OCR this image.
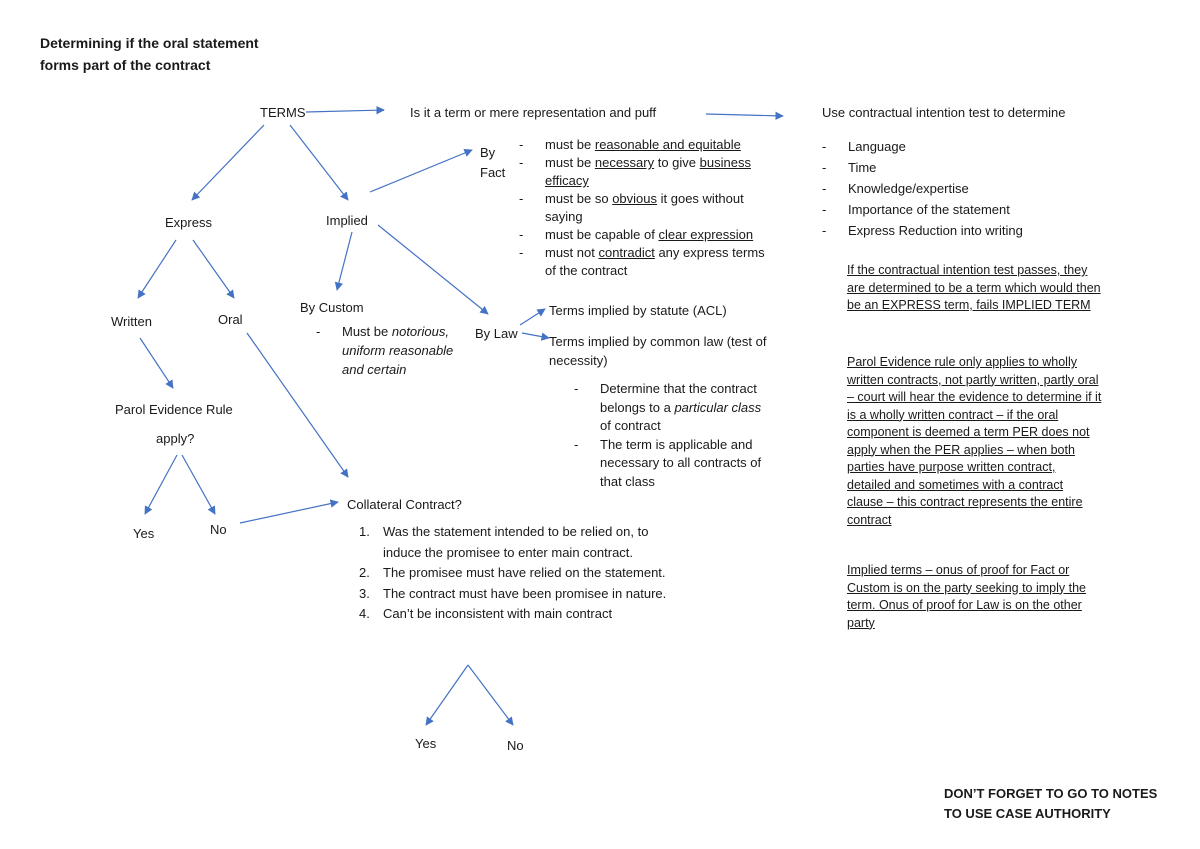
Determining if the oral statement
forms part of the contract
TERMS	Is it a term or mere representation and puff	Use contractual intention test to determine
- Language
- Time
- Knowledge/expertise
- Importance of the statement
- Express Reduction into writing
If the contractual intention test passes, they are determined to be a term which would then be an EXPRESS term, fails IMPLIED TERM
Parol Evidence rule only applies to wholly written contracts, not partly written, partly oral – court will hear the evidence to determine if it is a wholly written contract – if the oral component is deemed a term PER does not apply when the PER applies – when both parties have purpose written contract, detailed and sometimes with a contract clause – this contract represents the entire contract
Implied terms – onus of proof for Fact or Custom is on the party seeking to imply the term. Onus of proof for Law is on the other party
Express	Implied
By
Fact
- must be reasonable and equitable
- must be necessary to give business efficacy
- must be so obvious it goes without saying
- must be capable of clear expression
- must not contradict any express terms of the contract
By Custom
- Must be notorious, uniform reasonable and certain
By Law
Terms implied by statute (ACL)
Terms implied by common law (test of necessity)
- Determine that the contract belongs to a particular class of contract
- The term is applicable and necessary to all contracts of that class
Written	Oral
Parol Evidence Rule
apply?
Yes	No
Collateral Contract?
1. Was the statement intended to be relied on, to induce the promisee to enter main contract.
2. The promisee must have relied on the statement.
3. The contract must have been promisee in nature.
4. Can’t be inconsistent with main contract
Yes	No
DON’T FORGET TO GO TO NOTES
TO USE CASE AUTHORITY
